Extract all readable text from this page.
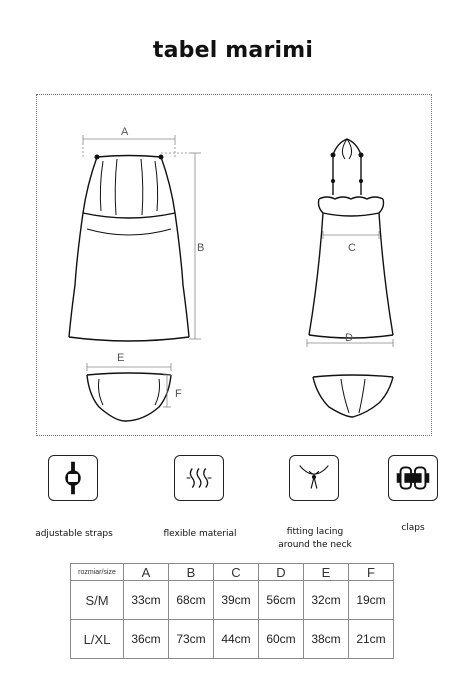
tabel marimi
A
B	C
D
E
F
adjustable straps	flexible material	fitting lacing
around the neck
claps
rozmiar/size	A	B	C	D	E	F
S/M	33cm	68cm	39cm	56cm	32cm	19cm
L/XL	36cm	73cm	44cm	60cm	38cm	21cm
